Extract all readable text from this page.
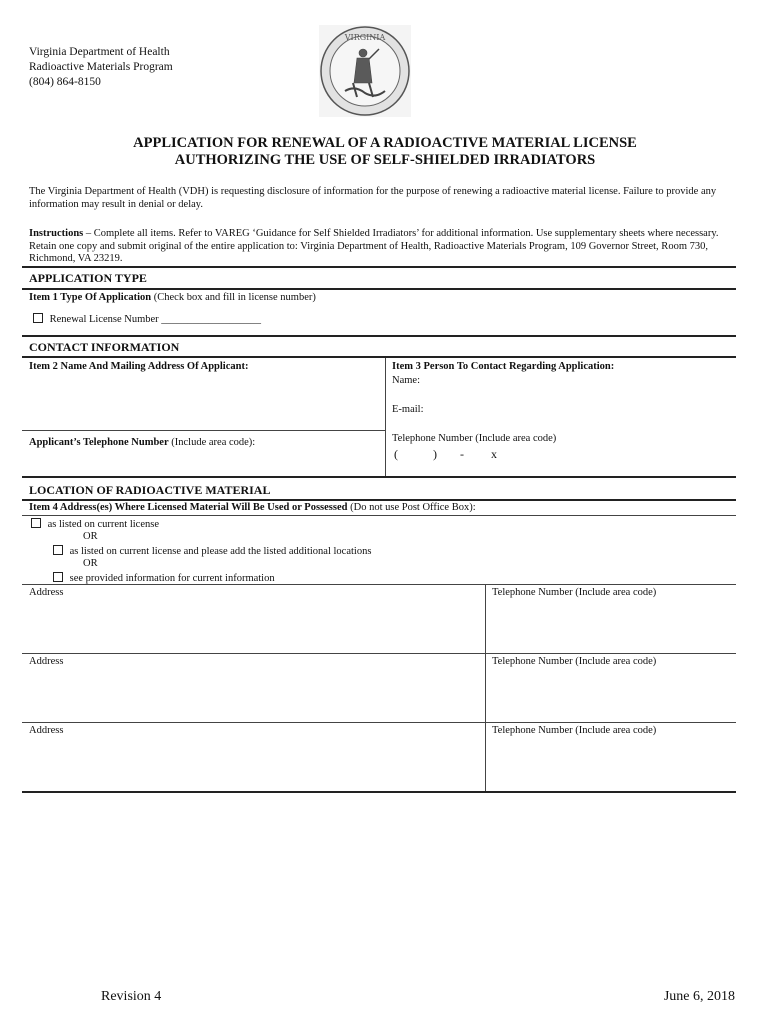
Virginia Department of Health
Radioactive Materials Program
(804) 864-8150
VIRGINIA
APPLICATION FOR RENEWAL OF A RADIOACTIVE MATERIAL LICENSE
AUTHORIZING THE USE OF SELF-SHIELDED IRRADIATORS
The Virginia Department of Health (VDH) is requesting disclosure of information for the purpose of renewing a radioactive material license. Failure to provide any information may result in denial or delay.
Instructions – Complete all items. Refer to VAREG ‘Guidance for Self Shielded Irradiators’ for additional information. Use supplementary sheets where necessary. Retain one copy and submit original of the entire application to: Virginia Department of Health, Radioactive Materials Program, 109 Governor Street, Room 730, Richmond, VA 23219.
APPLICATION TYPE
Item 1 Type Of Application (Check box and fill in license number)
Renewal License Number ___________________
CONTACT INFORMATION
Item 2 Name And Mailing Address Of Applicant:	Item 3 Person To Contact Regarding Application:
Name:
E-mail:
Applicant’s Telephone Number (Include area code):	Telephone Number (Include area code)
(	) - x
LOCATION OF RADIOACTIVE MATERIAL
Item 4 Address(es) Where Licensed Material Will Be Used or Possessed (Do not use Post Office Box):
as listed on current license
OR
as listed on current license and please add the listed additional locations
OR
see provided information for current information
Address	Telephone Number (Include area code)
Address	Telephone Number (Include area code)
Address	Telephone Number (Include area code)
Revision 4	June 6, 2018
